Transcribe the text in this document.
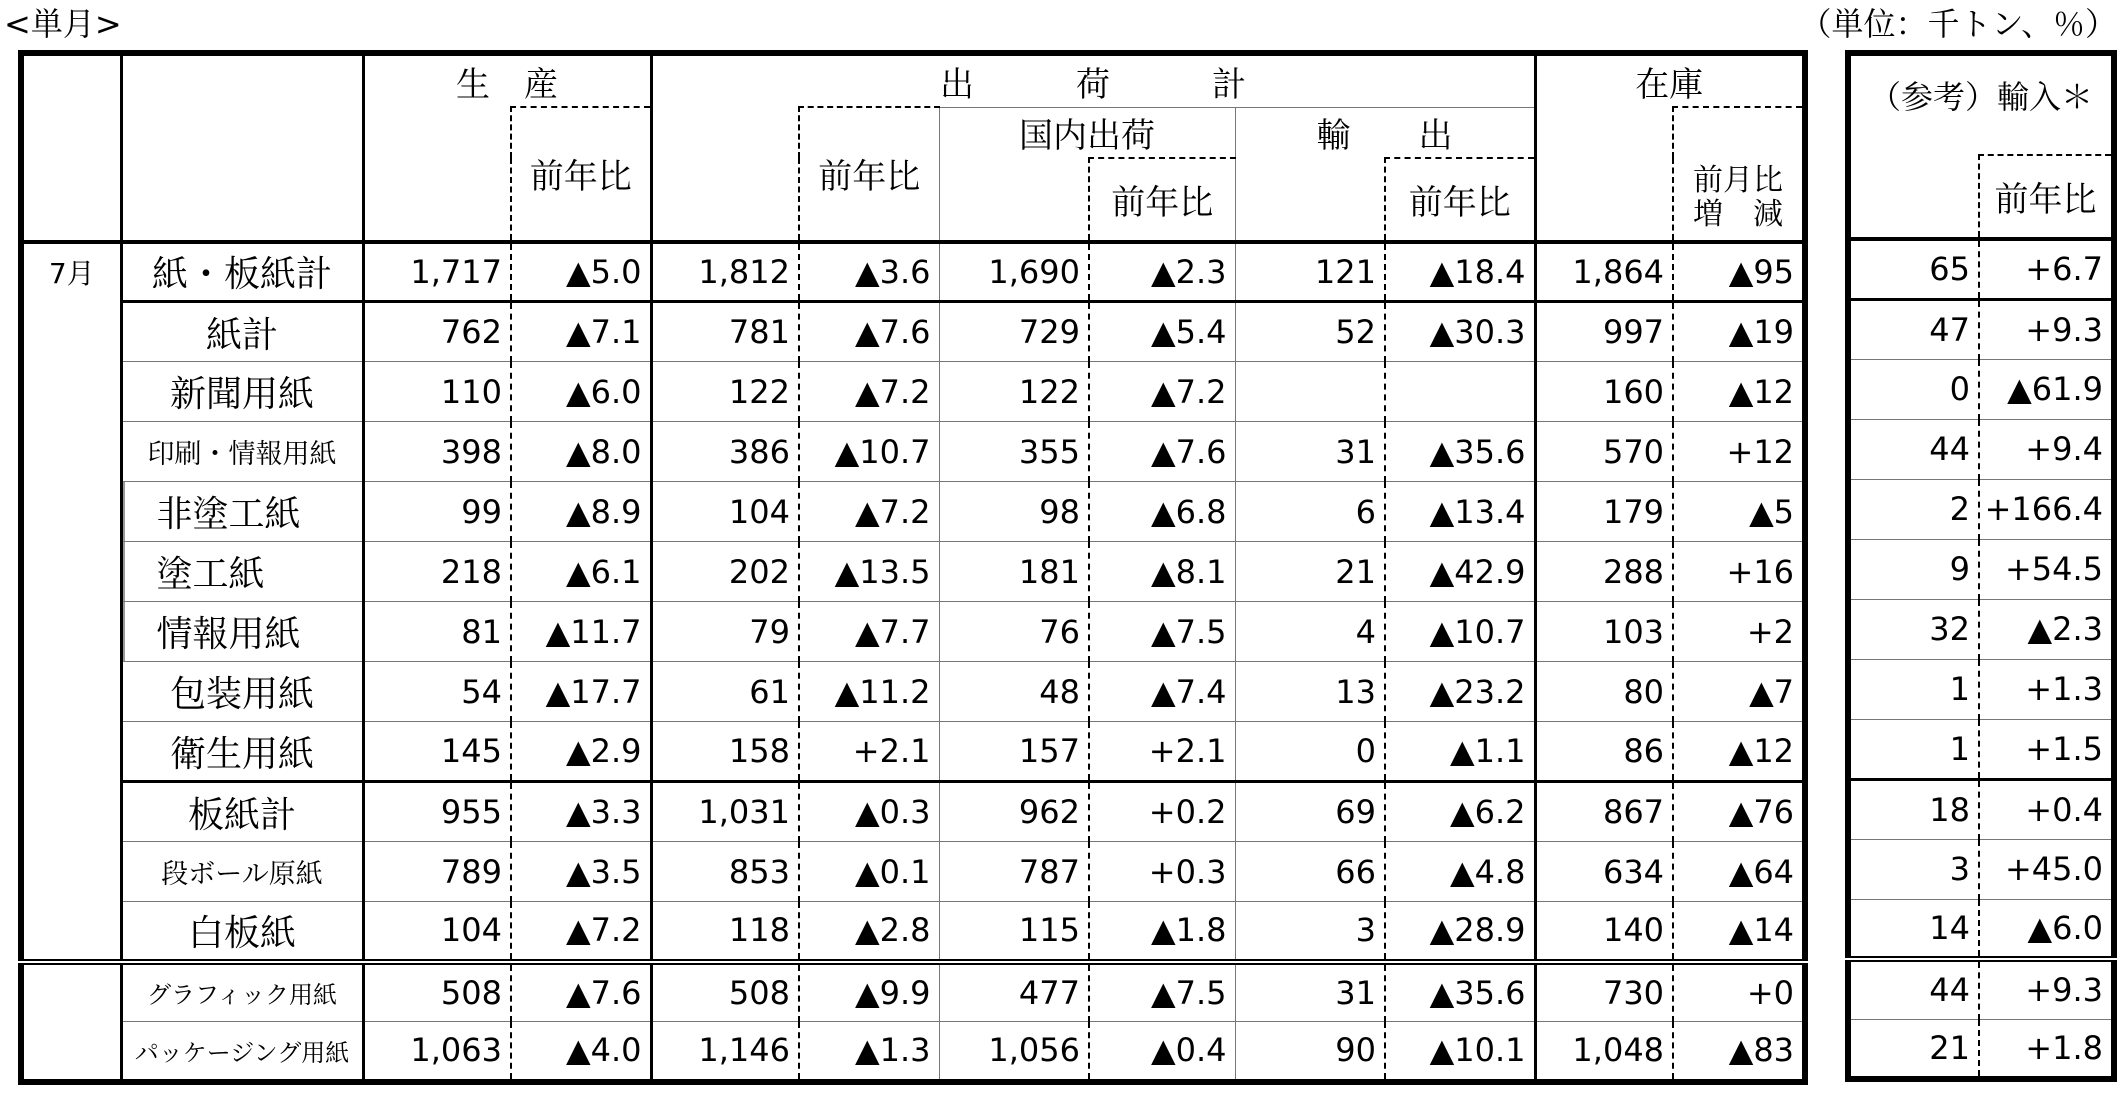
<単月>	（単位：千トン、％）
		生　産		出　　　荷　　　計						在庫	
			前年比		前年比	国内出荷		輸　　出			前月比
増　減

							前年比		前年比		
7月	紙・板紙計	1,717	▲5.0	1,812	▲3.6	1,690	▲2.3	121	▲18.4	1,864	▲95
	紙計	762	▲7.1	781	▲7.6	729	▲5.4	52	▲30.3	997	▲19
	新聞用紙	110	▲6.0	122	▲7.2	122	▲7.2			160	▲12
	印刷・情報用紙	398	▲8.0	386	▲10.7	355	▲7.6	31	▲35.6	570	+12
	非塗工紙	99	▲8.9	104	▲7.2	98	▲6.8	6	▲13.4	179	▲5
	塗工紙	218	▲6.1	202	▲13.5	181	▲8.1	21	▲42.9	288	+16
	情報用紙	81	▲11.7	79	▲7.7	76	▲7.5	4	▲10.7	103	+2
	包装用紙	54	▲17.7	61	▲11.2	48	▲7.4	13	▲23.2	80	▲7
	衛生用紙	145	▲2.9	158	+2.1	157	+2.1	0	▲1.1	86	▲12
	板紙計	955	▲3.3	1,031	▲0.3	962	+0.2	69	▲6.2	867	▲76
	段ボール原紙	789	▲3.5	853	▲0.1	787	+0.3	66	▲4.8	634	▲64
	白板紙	104	▲7.2	118	▲2.8	115	▲1.8	3	▲28.9	140	▲14
	グラフィック用紙	508	▲7.6	508	▲9.9	477	▲7.5	31	▲35.6	730	+0
	パッケージング用紙	1,063	▲4.0	1,146	▲1.3	1,056	▲0.4	90	▲10.1	1,048	▲83
（参考）輸入＊	
	前年比
65	+6.7
47	+9.3
0	▲61.9
44	+9.4
2	+166.4
9	+54.5
32	▲2.3
1	+1.3
1	+1.5
18	+0.4
3	+45.0
14	▲6.0
44	+9.3
21	+1.8
